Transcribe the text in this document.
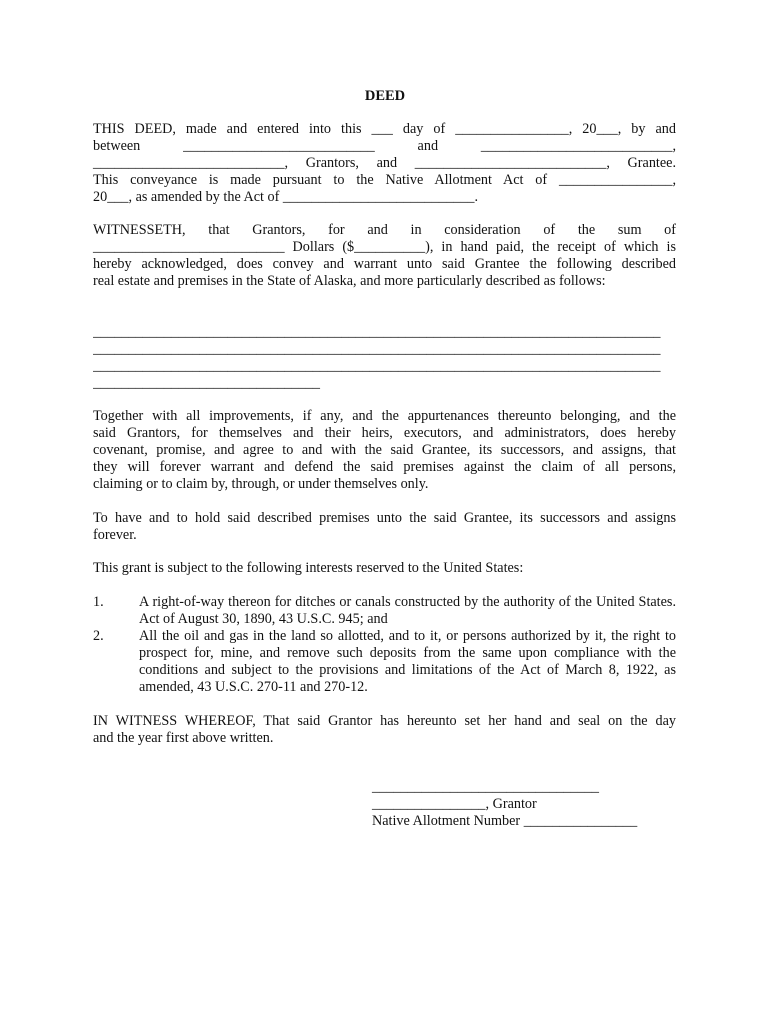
DEED

THIS DEED, made and entered into this ___ day of ________________, 20___, by and

between ___________________________ and ___________________________,

___________________________, Grantors, and ___________________________, Grantee.

This conveyance is made pursuant to the Native Allotment Act of ________________,

20___, as amended by the Act of ___________________________.

WITNESSETH, that Grantors, for and in consideration of the sum of

___________________________ Dollars ($__________), in hand paid, the receipt of which is

hereby acknowledged, does convey and warrant unto said Grantee the following described

real estate and premises in the State of Alaska, and more particularly described as follows:

________________________________________________________________________________

________________________________________________________________________________

________________________________________________________________________________

________________________________

Together with all improvements, if any, and the appurtenances thereunto belonging, and the

said Grantors, for themselves and their heirs, executors, and administrators, does hereby

covenant, promise, and agree to and with the said Grantee, its successors, and assigns, that

they will forever warrant and defend the said premises against the claim of all persons,

claiming or to claim by, through, or under themselves only.

To have and to hold said described premises unto the said Grantee, its successors and assigns

forever.

This grant is subject to the following interests reserved to the United States:

1.	A right-of-way thereon for ditches or canals constructed by the authority of the United States. Act of August 30, 1890, 43 U.S.C. 945; and
2.	All the oil and gas in the land so allotted, and to it, or persons authorized by it, the right to prospect for, mine, and remove such deposits from the same upon compliance with the conditions and subject to the provisions and limitations of the Act of March 8, 1922, as amended, 43 U.S.C. 270-11 and 270-12.

IN WITNESS WHEREOF, That said Grantor has hereunto set her hand and seal on the day

and the year first above written.

________________________________

________________, Grantor

Native Allotment Number ________________
